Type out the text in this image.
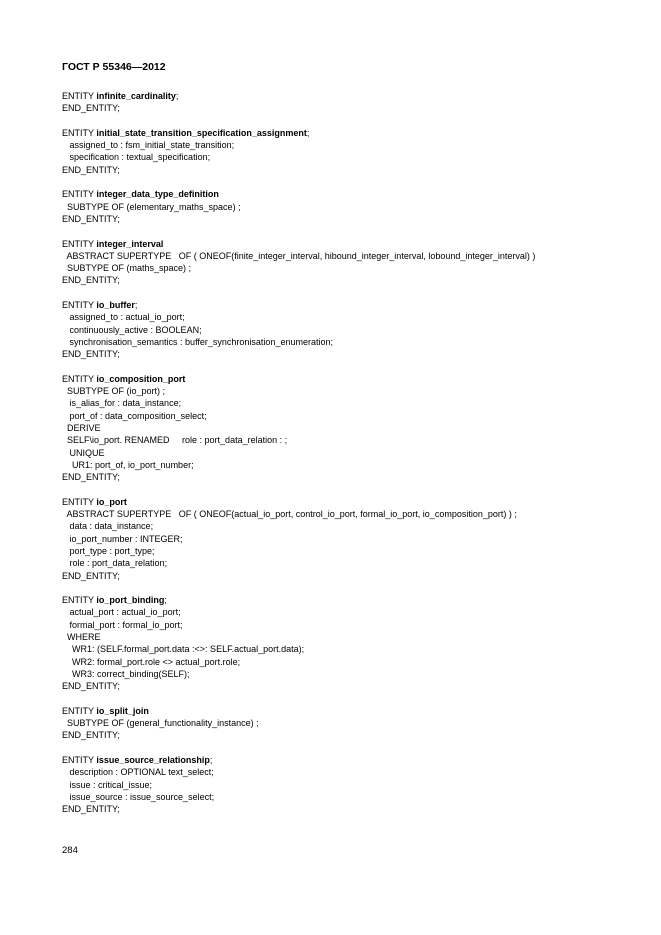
ГОСТ Р 55346—2012
ENTITY infinite_cardinality;
END_ENTITY;
ENTITY initial_state_transition_specification_assignment;
assigned_to : fsm_initial_state_transition;
specification : textual_specification;
END_ENTITY;
ENTITY integer_data_type_definition
SUBTYPE OF (elementary_maths_space) ;
END_ENTITY;
ENTITY integer_interval
ABSTRACT SUPERTYPE   OF ( ONEOF(finite_integer_interval, hibound_integer_interval, lobound_integer_interval) )
SUBTYPE OF (maths_space) ;
END_ENTITY;
ENTITY io_buffer;
assigned_to : actual_io_port;
continuously_active : BOOLEAN;
synchronisation_semantics : buffer_synchronisation_enumeration;
END_ENTITY;
ENTITY io_composition_port
SUBTYPE OF (io_port) ;
is_alias_for : data_instance;
port_of : data_composition_select;
DERIVE
SELF\io_port. RENAMED     role : port_data_relation : ;
UNIQUE
UR1: port_of, io_port_number;
END_ENTITY;
ENTITY io_port
ABSTRACT SUPERTYPE   OF ( ONEOF(actual_io_port, control_io_port, formal_io_port, io_composition_port) ) ;
data : data_instance;
io_port_number : INTEGER;
port_type : port_type;
role : port_data_relation;
END_ENTITY;
ENTITY io_port_binding;
actual_port : actual_io_port;
formal_port : formal_io_port;
WHERE
WR1: (SELF.formal_port.data :<>: SELF.actual_port.data);
WR2: formal_port.role <> actual_port.role;
WR3: correct_binding(SELF);
END_ENTITY;
ENTITY io_split_join
SUBTYPE OF (general_functionality_instance) ;
END_ENTITY;
ENTITY issue_source_relationship;
description : OPTIONAL text_select;
issue : critical_issue;
issue_source : issue_source_select;
END_ENTITY;
284
